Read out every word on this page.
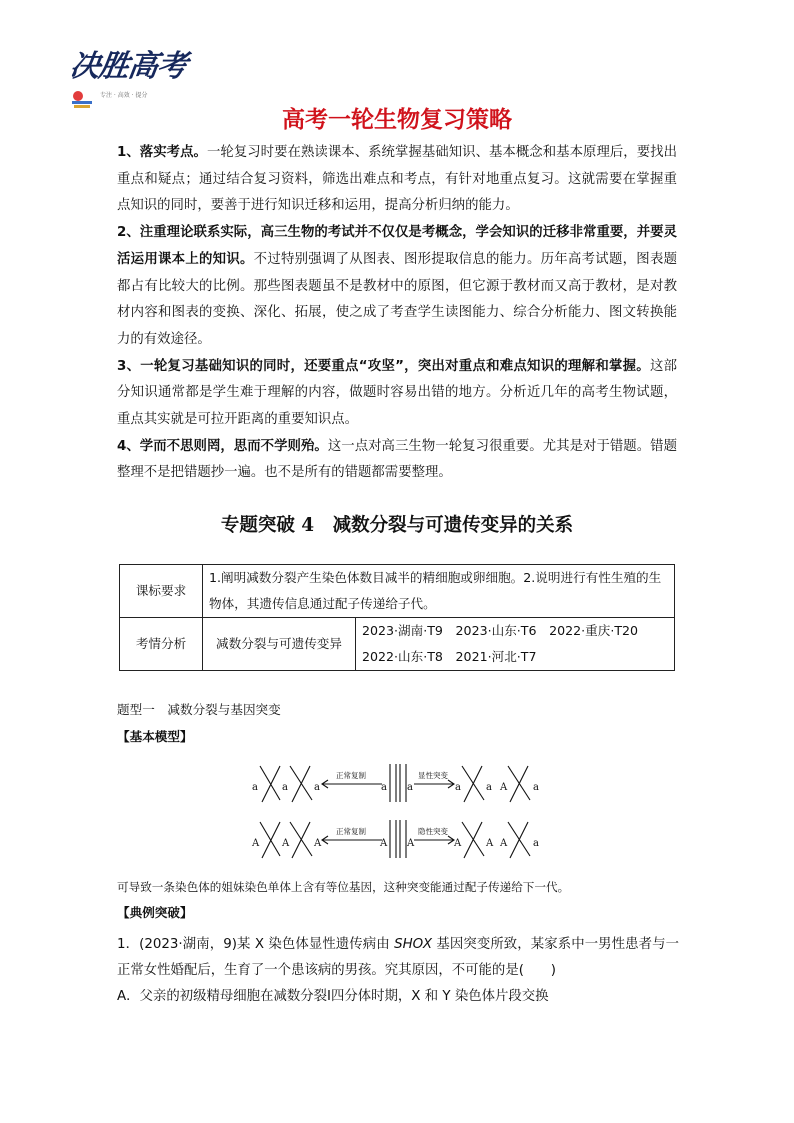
决胜高考
专注 · 高效 · 提分
高考一轮生物复习策略

1、落实考点。一轮复习时要在熟读课本、系统掌握基础知识、基本概念和基本原理后，要找出重点和疑点；通过结合复习资料，筛选出难点和考点，有针对地重点复习。这就需要在掌握重点知识的同时，要善于进行知识迁移和运用，提高分析归纳的能力。

2、注重理论联系实际，高三生物的考试并不仅仅是考概念，学会知识的迁移非常重要，并要灵活运用课本上的知识。不过特别强调了从图表、图形提取信息的能力。历年高考试题，图表题都占有比较大的比例。那些图表题虽不是教材中的原图，但它源于教材而又高于教材，是对教材内容和图表的变换、深化、拓展，使之成了考查学生读图能力、综合分析能力、图文转换能力的有效途径。

3、一轮复习基础知识的同时，还要重点“攻坚”，突出对重点和难点知识的理解和掌握。这部分知识通常都是学生难于理解的内容，做题时容易出错的地方。分析近几年的高考生物试题，重点其实就是可拉开距离的重要知识点。

4、学而不思则罔，思而不学则殆。这一点对高三生物一轮复习很重要。尤其是对于错题。错题整理不是把错题抄一遍。也不是所有的错题都需要整理。

专题突破 4　减数分裂与可遗传变异的关系
课标要求	1.阐明减数分裂产生染色体数目减半的精细胞或卵细胞。2.说明进行有性生殖的生物体，其遗传信息通过配子传递给子代。	
考情分析	减数分裂与可遗传变异	2023·湖南·T9　2023·山东·T6　2022·重庆·T20
2022·山东·T8　2021·河北·T7
题型一　减数分裂与基因突变
【基本模型】
a a	a	a a	a	a A	a
A A A	A A	A A A	a
正常复制	显性突变
正常复制	隐性突变
可导致一条染色体的姐妹染色单体上含有等位基因，这种突变能通过配子传递给下一代。
【典例突破】

1．(2023·湖南，9)某 X 染色体显性遗传病由 SHOX 基因突变所致，某家系中一男性患者与一正常女性婚配后，生育了一个患该病的男孩。究其原因，不可能的是(　　)

A．父亲的初级精母细胞在减数分裂Ⅰ四分体时期，X 和 Y 染色体片段交换
